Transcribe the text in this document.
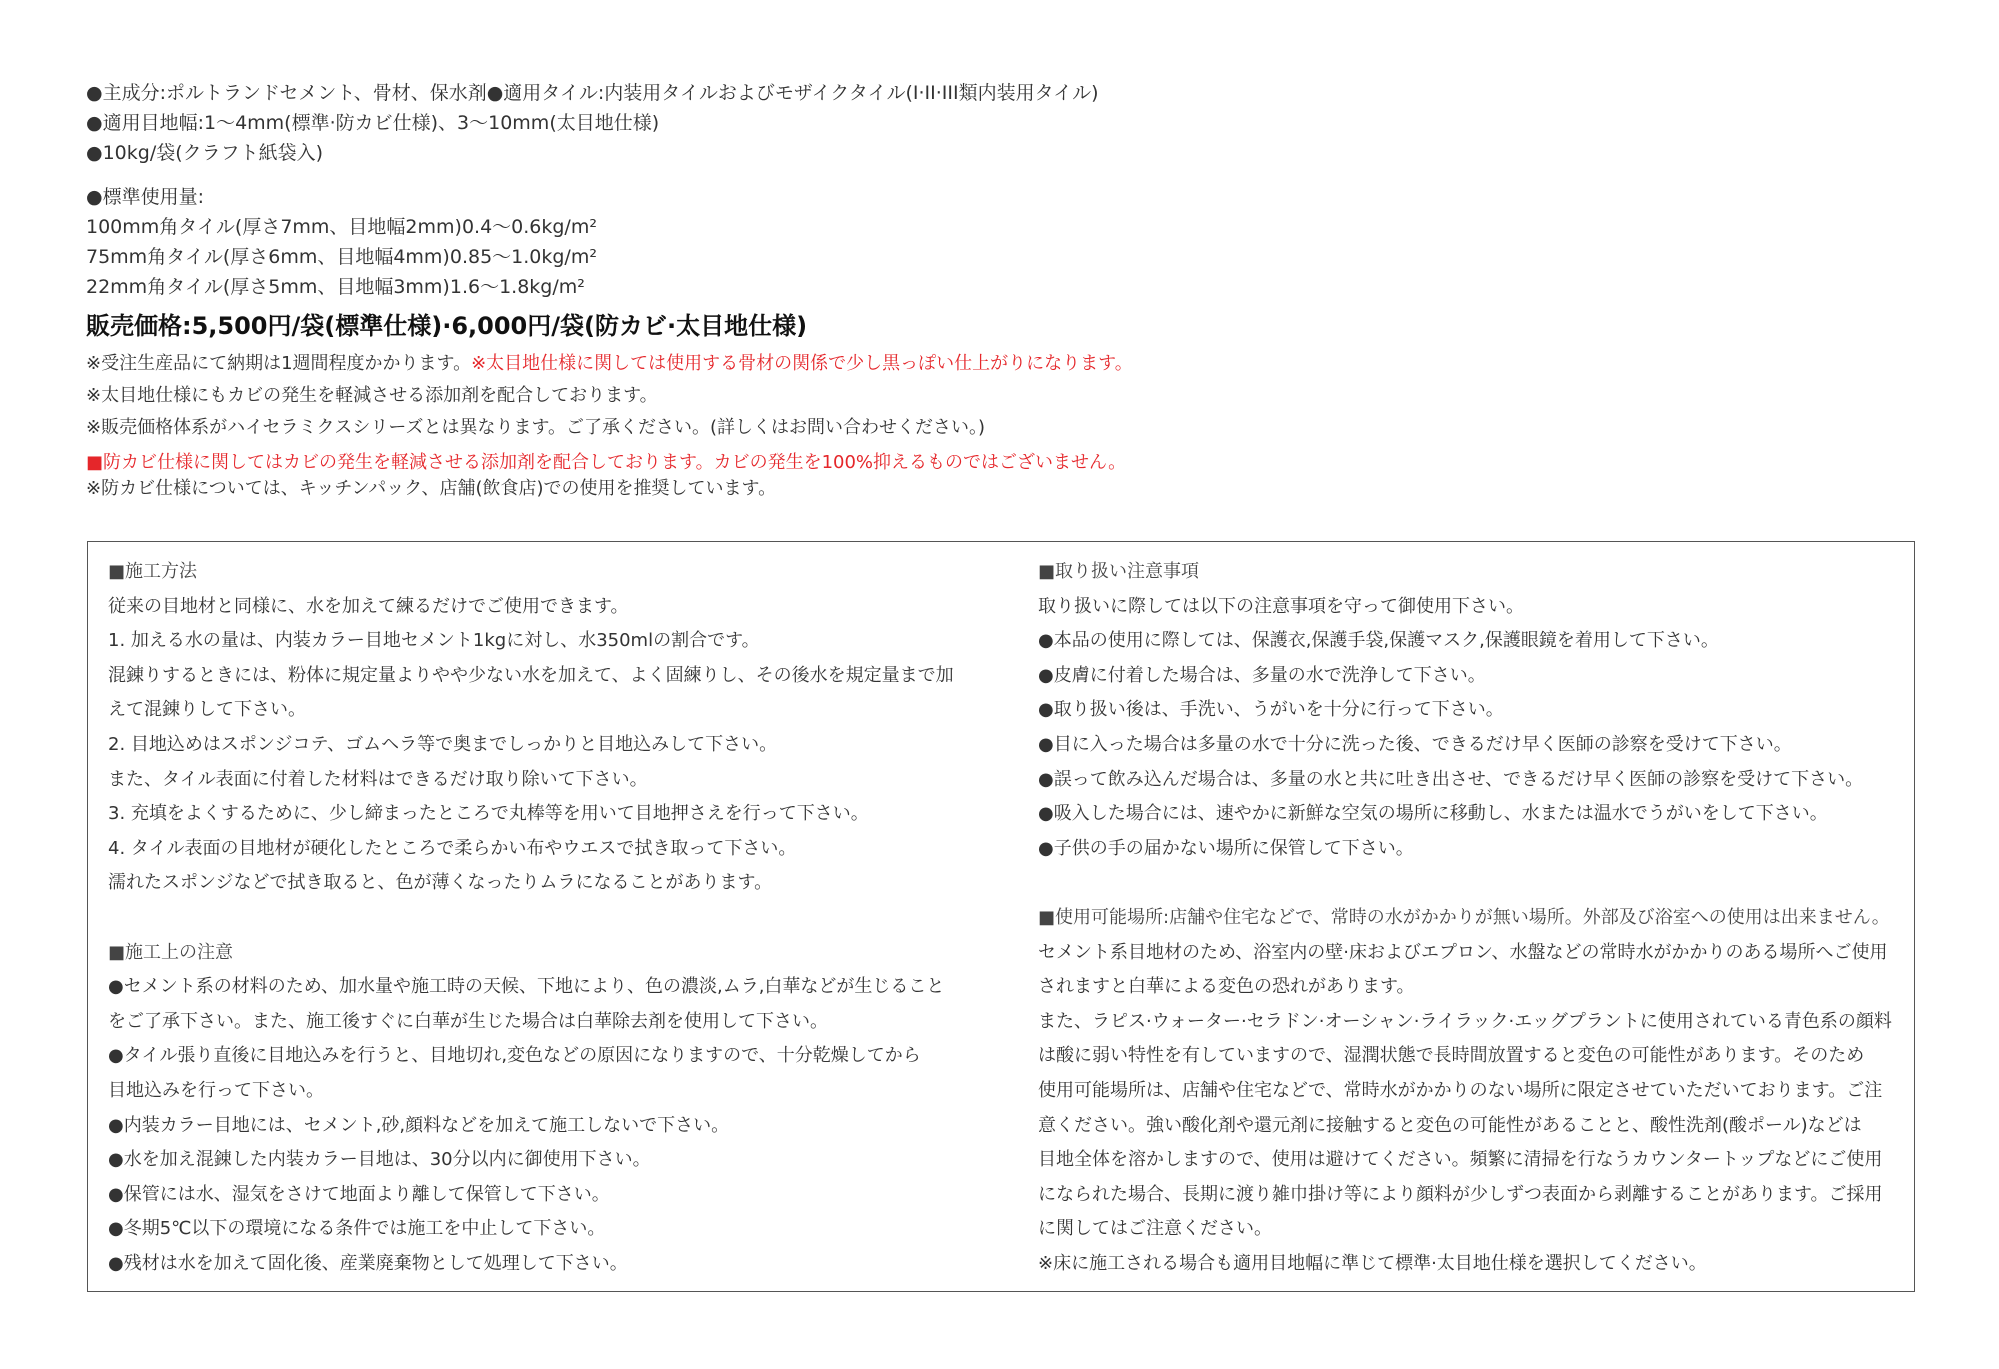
●主成分:ポルトランドセメント、骨材、保水剤●適用タイル:内装用タイルおよびモザイクタイル(I·II·III類内装用タイル)
●適用目地幅:1〜4mm(標準·防カビ仕様)、3〜10mm(太目地仕様)
●10kg/袋(クラフト紙袋入)
●標準使用量:
100mm角タイル(厚さ7mm、目地幅2mm)0.4〜0.6kg/m²
75mm角タイル(厚さ6mm、目地幅4mm)0.85〜1.0kg/m²
22mm角タイル(厚さ5mm、目地幅3mm)1.6〜1.8kg/m²
販売価格:5,500円/袋(標準仕様)·6,000円/袋(防カビ·太目地仕様)
※受注生産品にて納期は1週間程度かかります。※太目地仕様に関しては使用する骨材の関係で少し黒っぽい仕上がりになります。
※太目地仕様にもカビの発生を軽減させる添加剤を配合しております。
※販売価格体系がハイセラミクスシリーズとは異なります。ご了承ください。(詳しくはお問い合わせください。)
■防カビ仕様に関してはカビの発生を軽減させる添加剤を配合しております。カビの発生を100%抑えるものではございません。
※防カビ仕様については、キッチンパック、店舗(飲食店)での使用を推奨しています。
■施工方法
従来の目地材と同様に、水を加えて練るだけでご使用できます。
1. 加える水の量は、内装カラー目地セメント1kgに対し、水350mlの割合です。
混錬りするときには、粉体に規定量よりやや少ない水を加えて、よく固練りし、その後水を規定量まで加
えて混錬りして下さい。
2. 目地込めはスポンジコテ、ゴムヘラ等で奥までしっかりと目地込みして下さい。
また、タイル表面に付着した材料はできるだけ取り除いて下さい。
3. 充填をよくするために、少し締まったところで丸棒等を用いて目地押さえを行って下さい。
4. タイル表面の目地材が硬化したところで柔らかい布やウエスで拭き取って下さい。
濡れたスポンジなどで拭き取ると、色が薄くなったりムラになることがあります。
■施工上の注意
●セメント系の材料のため、加水量や施工時の天候、下地により、色の濃淡,ムラ,白華などが生じること
をご了承下さい。また、施工後すぐに白華が生じた場合は白華除去剤を使用して下さい。
●タイル張り直後に目地込みを行うと、目地切れ,変色などの原因になりますので、十分乾燥してから
目地込みを行って下さい。
●内装カラー目地には、セメント,砂,顔料などを加えて施工しないで下さい。
●水を加え混錬した内装カラー目地は、30分以内に御使用下さい。
●保管には水、湿気をさけて地面より離して保管して下さい。
●冬期5℃以下の環境になる条件では施工を中止して下さい。
●残材は水を加えて固化後、産業廃棄物として処理して下さい。
■取り扱い注意事項
取り扱いに際しては以下の注意事項を守って御使用下さい。
●本品の使用に際しては、保護衣,保護手袋,保護マスク,保護眼鏡を着用して下さい。
●皮膚に付着した場合は、多量の水で洗浄して下さい。
●取り扱い後は、手洗い、うがいを十分に行って下さい。
●目に入った場合は多量の水で十分に洗った後、できるだけ早く医師の診察を受けて下さい。
●誤って飲み込んだ場合は、多量の水と共に吐き出させ、できるだけ早く医師の診察を受けて下さい。
●吸入した場合には、速やかに新鮮な空気の場所に移動し、水または温水でうがいをして下さい。
●子供の手の届かない場所に保管して下さい。
■使用可能場所:店舗や住宅などで、常時の水がかかりが無い場所。外部及び浴室への使用は出来ません。
セメント系目地材のため、浴室内の壁·床およびエプロン、水盤などの常時水がかかりのある場所へご使用
されますと白華による変色の恐れがあります。
また、ラピス·ウォーター·セラドン·オーシャン·ライラック·エッグプラントに使用されている青色系の顔料
は酸に弱い特性を有していますので、湿潤状態で長時間放置すると変色の可能性があります。そのため
使用可能場所は、店舗や住宅などで、常時水がかかりのない場所に限定させていただいております。ご注
意ください。強い酸化剤や還元剤に接触すると変色の可能性があることと、酸性洗剤(酸ポール)などは
目地全体を溶かしますので、使用は避けてください。頻繁に清掃を行なうカウンタートップなどにご使用
になられた場合、長期に渡り雑巾掛け等により顔料が少しずつ表面から剥離することがあります。ご採用
に関してはご注意ください。
※床に施工される場合も適用目地幅に準じて標準·太目地仕様を選択してください。
